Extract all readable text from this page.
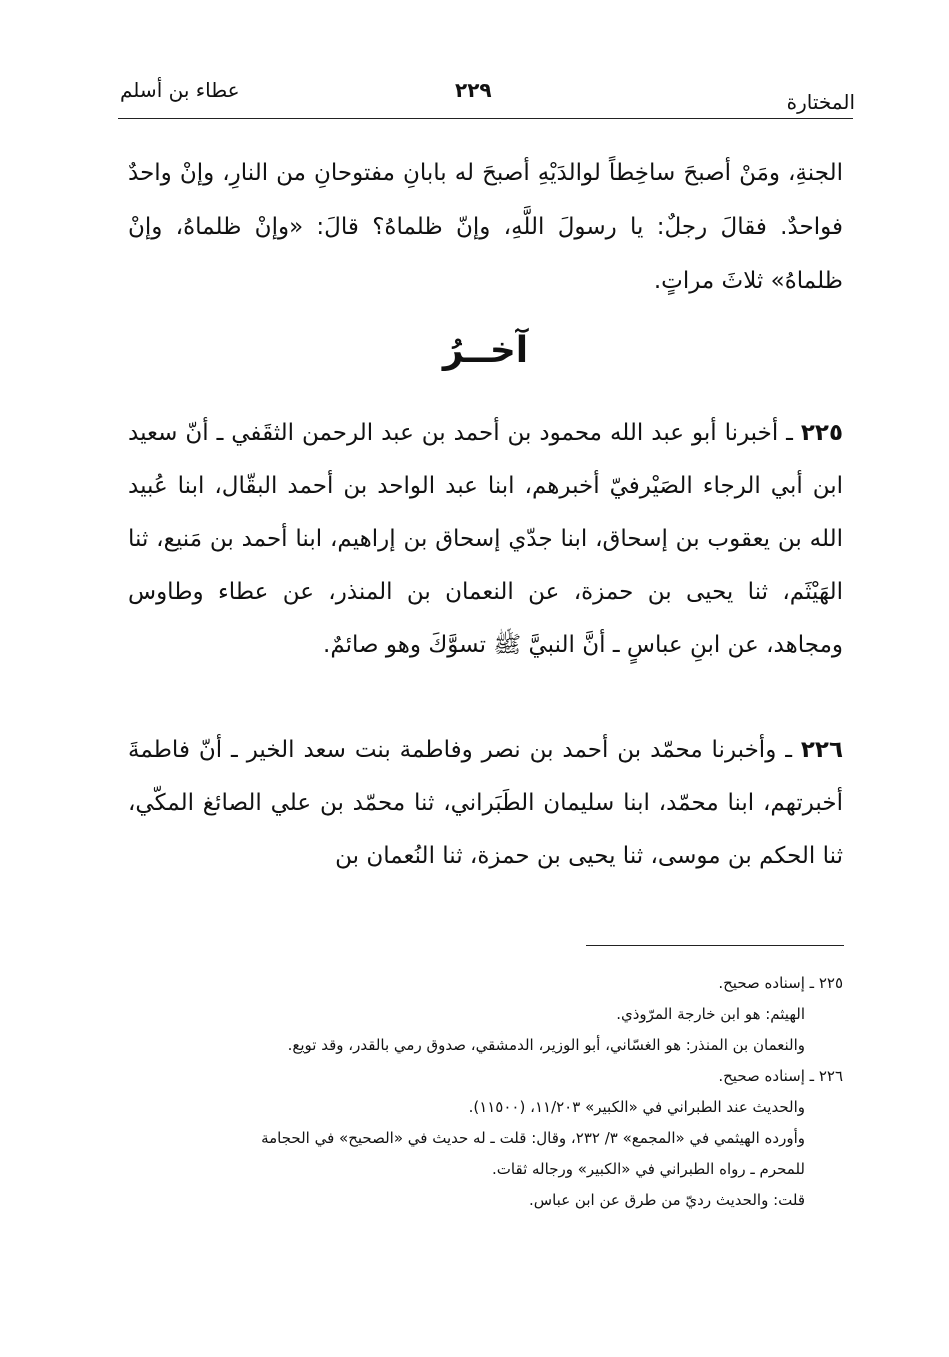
عطاء بن أسلم	٢٢٩	المختارة

الجنةِ، ومَنْ أصبحَ ساخِطاً لوالدَيْهِ أصبحَ له بابانِ مفتوحانِ من النارِ، وإنْ واحدٌ فواحدٌ. فقالَ رجلٌ: يا رسولَ اللَّهِ، وإنّ ظلماهُ؟ قالَ: «وإنْ ظلماهُ، وإنْ ظلماهُ» ثلاثَ مراتٍ.

آخــرُ
٢٢٥ ـ أخبرنا أبو عبد الله محمود بن أحمد بن عبد الرحمن الثقَفي ـ أنّ سعيد ابن أبي الرجاء الصَيْرفيّ أخبرهم، ابنا عبد الواحد بن أحمد البقّال، ابنا عُبيد الله بن يعقوب بن إسحاق، ابنا جدّي إسحاق بن إراهيم، ابنا أحمد بن مَنيع، ثنا الهَيْثَم، ثنا يحيى بن حمزة، عن النعمان بن المنذر، عن عطاء وطاوس ومجاهد، عن ابنِ عباسٍ ـ أنَّ النبيَّ ﷺ تسوَّكَ وهو صائمٌ.
٢٢٦ ـ وأخبرنا محمّد بن أحمد بن نصر وفاطمة بنت سعد الخير ـ أنّ فاطمةَ أخبرتهم، ابنا محمّد، ابنا سليمان الطَبَراني، ثنا محمّد بن علي الصائغ المكّي، ثنا الحكم بن موسى، ثنا يحيى بن حمزة، ثنا النُعمان بن
٢٢٥ ـ إسناده صحيح.
الهيثم: هو ابن خارجة المرّوذي.
والنعمان بن المنذر: هو الغسّاني، أبو الوزير، الدمشقي، صدوق رمي بالقدر، وقد تويع.
٢٢٦ ـ إسناده صحيح.
والحديث عند الطبراني في «الكبير» ١١/٢٠٣، (١١٥٠٠).
وأورده الهيثمي في «المجمع» ٣/ ٢٣٢، وقال: قلت ـ له حديث في «الصحيح» في الحجامة
للمحرم ـ رواه الطبراني في «الكبير» ورجاله ثقات.
قلت: والحديث رديّ من طرق عن ابن عباس.
